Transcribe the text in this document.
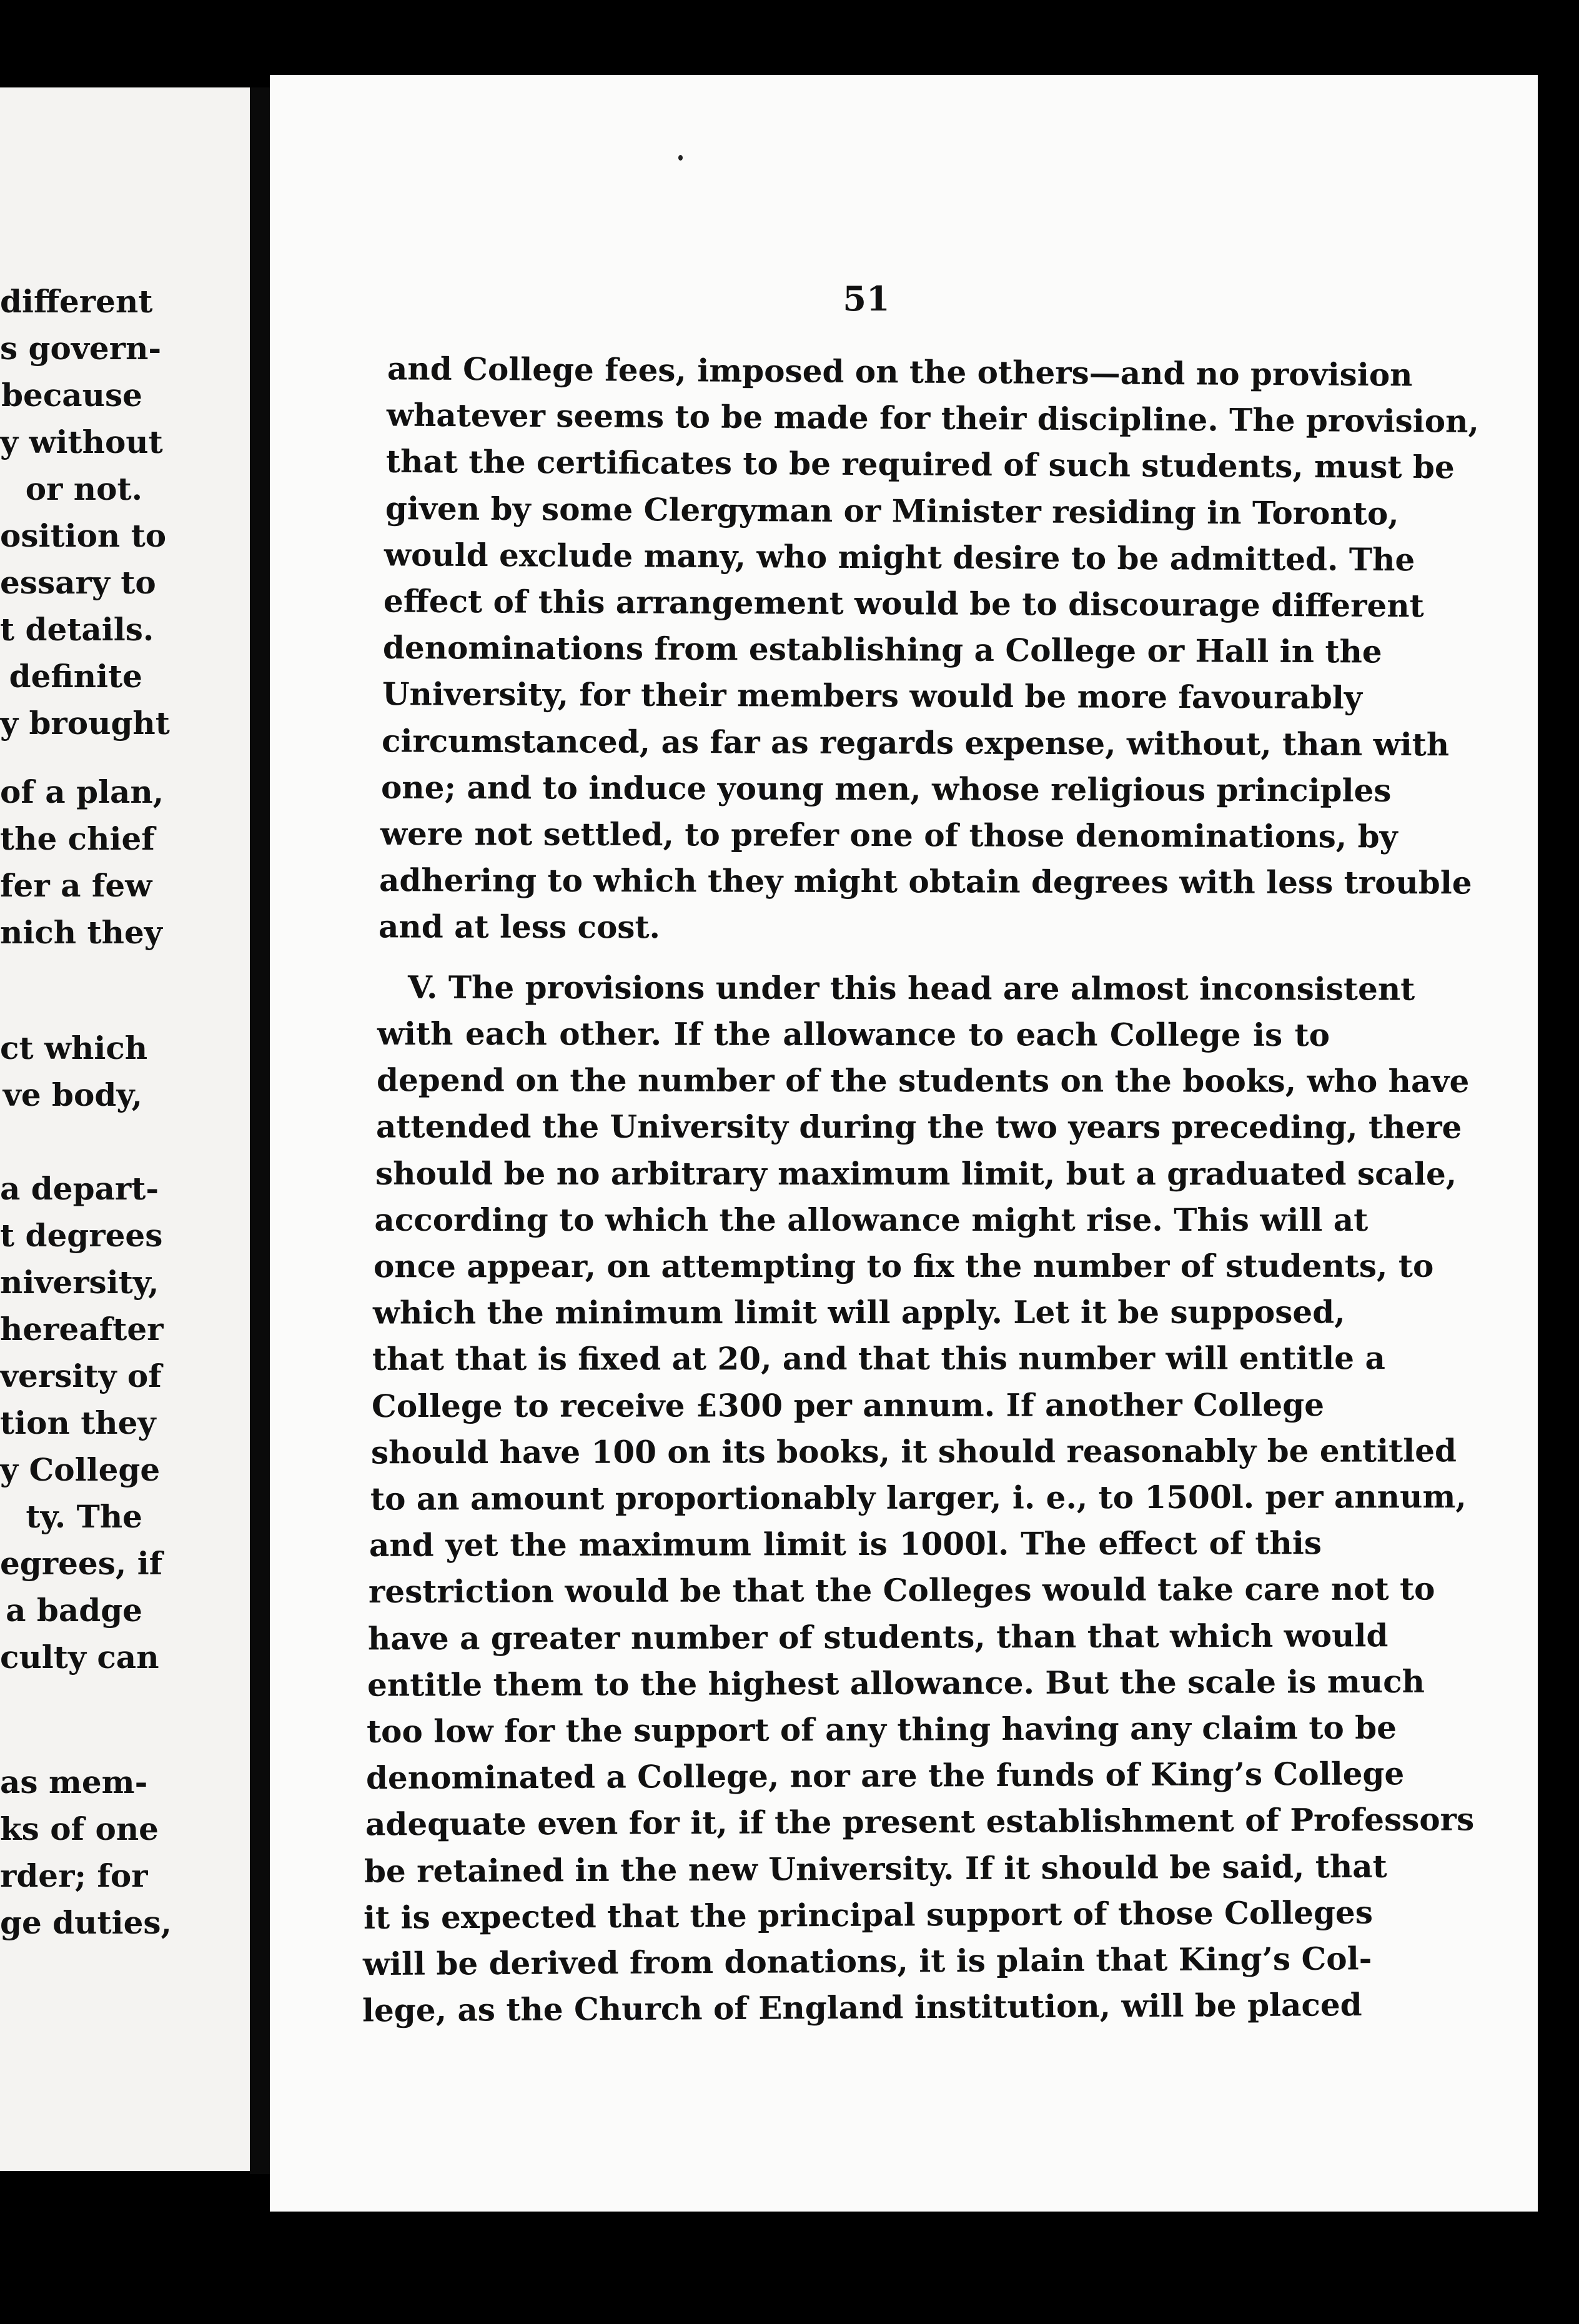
different
s govern-
because
y without
or not.
osition to
essary to
t details.
definite
y brought
of a plan,
the chief
fer a few
nich they
ct which
ve body,
a depart-
t degrees
niversity,
hereafter
versity of
tion they
y College
ty. The
egrees, if
a badge
culty can
as mem-
ks of one
rder; for
ge duties,
and College fees, imposed on the others—and no provision
whatever seems to be made for their discipline. The provision,
that the certificates to be required of such students, must be
given by some Clergyman or Minister residing in Toronto,
would exclude many, who might desire to be admitted. The
effect of this arrangement would be to discourage different
denominations from establishing a College or Hall in the
University, for their members would be more favourably
circumstanced, as far as regards expense, without, than with
one; and to induce young men, whose religious principles
were not settled, to prefer one of those denominations, by
adhering to which they might obtain degrees with less trouble
and at less cost.
V. The provisions under this head are almost inconsistent
with each other. If the allowance to each College is to
depend on the number of the students on the books, who have
attended the University during the two years preceding, there
should be no arbitrary maximum limit, but a graduated scale,
according to which the allowance might rise. This will at
once appear, on attempting to fix the number of students, to
which the minimum limit will apply. Let it be supposed,
that that is fixed at 20, and that this number will entitle a
College to receive £300 per annum. If another College
should have 100 on its books, it should reasonably be entitled
to an amount proportionably larger, i. e., to 1500l. per annum,
and yet the maximum limit is 1000l. The effect of this
restriction would be that the Colleges would take care not to
have a greater number of students, than that which would
entitle them to the highest allowance. But the scale is much
too low for the support of any thing having any claim to be
denominated a College, nor are the funds of King’s College
adequate even for it, if the present establishment of Professors
be retained in the new University. If it should be said, that
it is expected that the principal support of those Colleges
will be derived from donations, it is plain that King’s Col-
lege, as the Church of England institution, will be placed
51
